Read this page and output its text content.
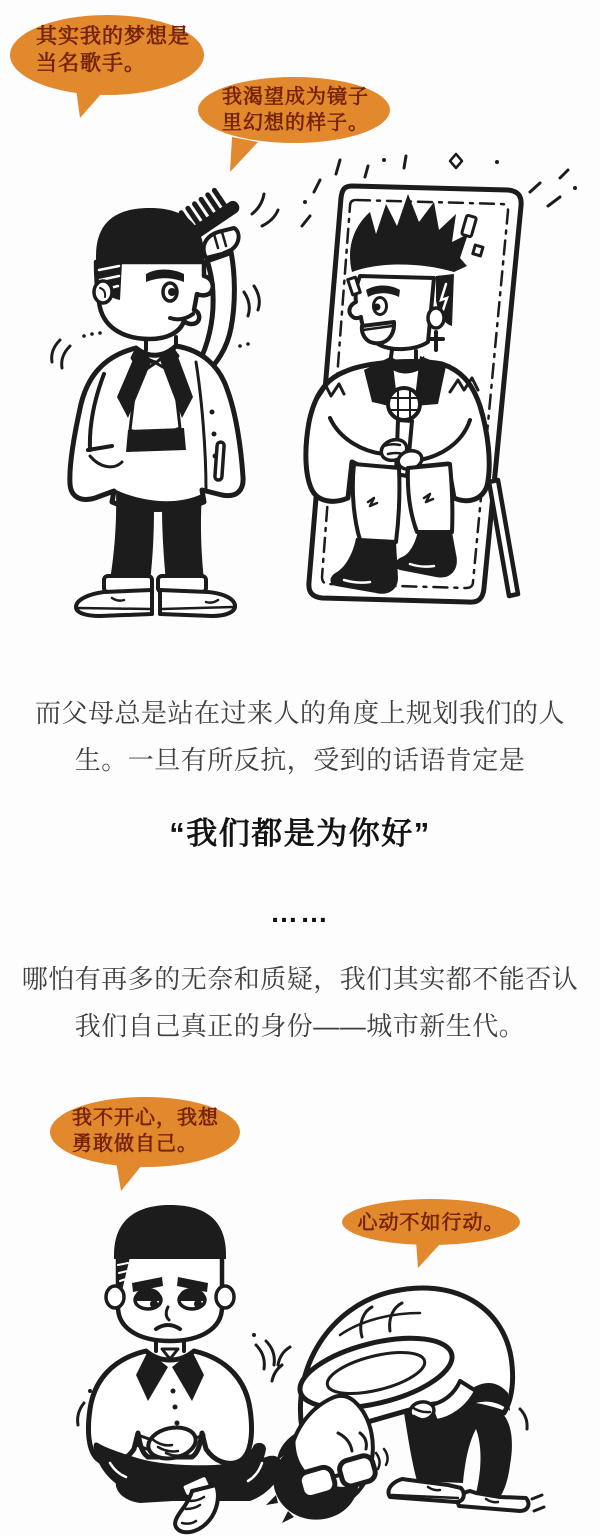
其实我的梦想是
当名歌手。
我渴望成为镜子
里幻想的样子。
而父母总是站在过来人的角度上规划我们的人
生。一旦有所反抗，受到的话语肯定是
“我们都是为你好”
……
哪怕有再多的无奈和质疑，我们其实都不能否认
我们自己真正的身份——城市新生代。
我不开心，我想
勇敢做自己。
心动不如行动。
